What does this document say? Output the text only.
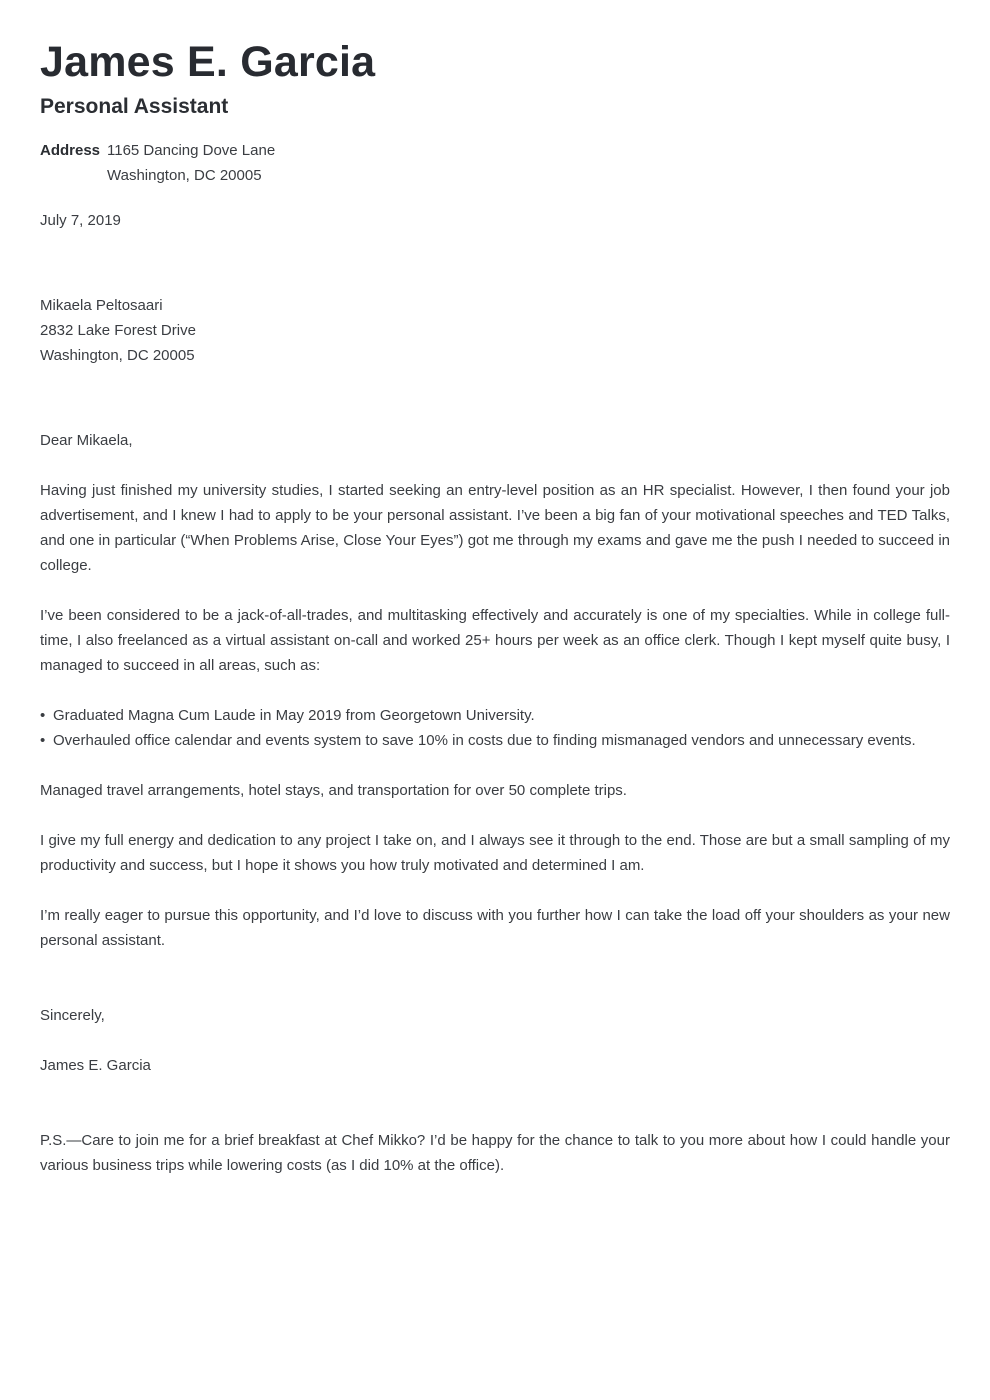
James E. Garcia
Personal Assistant
Address 1165 Dancing Dove Lane
Washington, DC 20005
July 7, 2019
Mikaela Peltosaari
2832 Lake Forest Drive
Washington, DC 20005
Dear Mikaela,
Having just finished my university studies, I started seeking an entry-level position as an HR specialist. However, I then found your job advertisement, and I knew I had to apply to be your personal assistant. I’ve been a big fan of your motivational speeches and TED Talks, and one in particular (“When Problems Arise, Close Your Eyes”) got me through my exams and gave me the push I needed to succeed in college.
I’ve been considered to be a jack-of-all-trades, and multitasking effectively and accurately is one of my specialties. While in college full-time, I also freelanced as a virtual assistant on-call and worked 25+ hours per week as an office clerk. Though I kept myself quite busy, I managed to succeed in all areas, such as:
• Graduated Magna Cum Laude in May 2019 from Georgetown University.
• Overhauled office calendar and events system to save 10% in costs due to finding mismanaged vendors and unnecessary events.
Managed travel arrangements, hotel stays, and transportation for over 50 complete trips.
I give my full energy and dedication to any project I take on, and I always see it through to the end. Those are but a small sampling of my productivity and success, but I hope it shows you how truly motivated and determined I am.
I’m really eager to pursue this opportunity, and I’d love to discuss with you further how I can take the load off your shoulders as your new personal assistant.
Sincerely,
James E. Garcia
P.S.—Care to join me for a brief breakfast at Chef Mikko? I’d be happy for the chance to talk to you more about how I could handle your various business trips while lowering costs (as I did 10% at the office).
